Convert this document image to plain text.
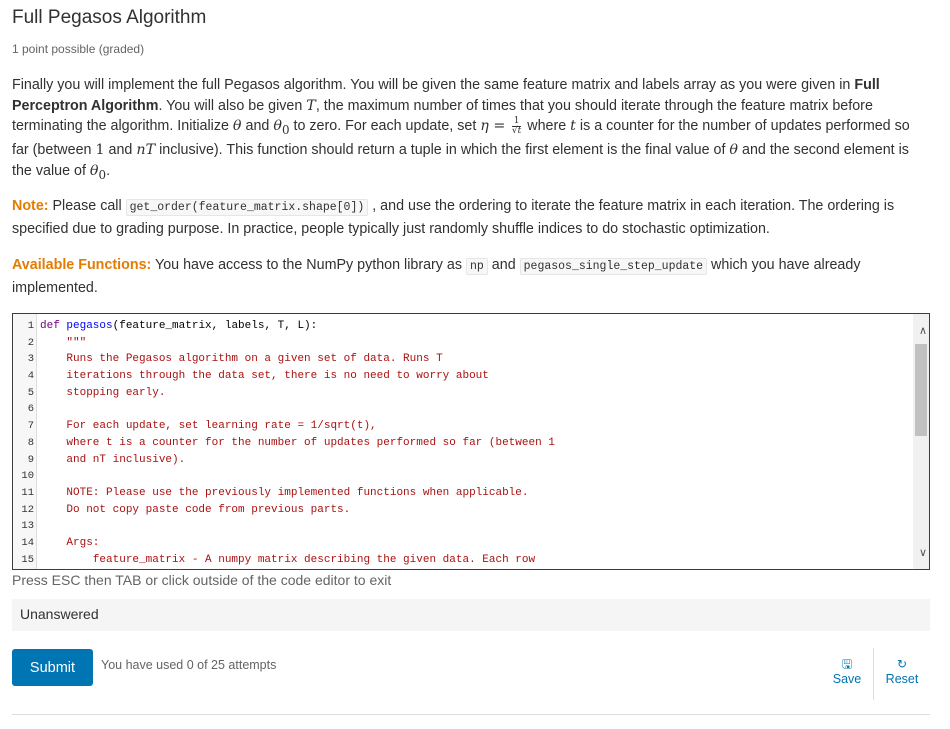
Full Pegasos Algorithm
1 point possible (graded)
Finally you will implement the full Pegasos algorithm. You will be given the same feature matrix and labels array as you were given in Full Perceptron Algorithm. You will also be given T, the maximum number of times that you should iterate through the feature matrix before terminating the algorithm. Initialize θ and $\theta_0$ to zero. For each update, set $\eta = \frac{1}{√t}$ where t is a counter for the number of updates performed so far (between 1 and nT inclusive). This function should return a tuple in which the first element is the final value of θ and the second element is the value of $\theta_0$.
Note: Please call get_order(feature_matrix.shape[0]) , and use the ordering to iterate the feature matrix in each iteration. The ordering is specified due to grading purpose. In practice, people typically just randomly shuffle indices to do stochastic optimization.
Available Functions: You have access to the NumPy python library as np and pegasos_single_step_update which you have already implemented.
1 def pegasos(feature_matrix, labels, T, L):
2 """
3 Runs the Pegasos algorithm on a given set of data. Runs T
4 iterations through the data set, there is no need to worry about
5 stopping early.
6
7 For each update, set learning rate = 1/sqrt(t),
8 where t is a counter for the number of updates performed so far (between 1
9 and nT inclusive).
10
11 NOTE: Please use the previously implemented functions when applicable.
12 Do not copy paste code from previous parts.
13
14 Args:
15 feature_matrix - A numpy matrix describing the given data. Each row
∧
∨
Press ESC then TAB or click outside of the code editor to exit
Unanswered
Submit	You have used 0 of 25 attempts	🖫
Save
↻
Reset
